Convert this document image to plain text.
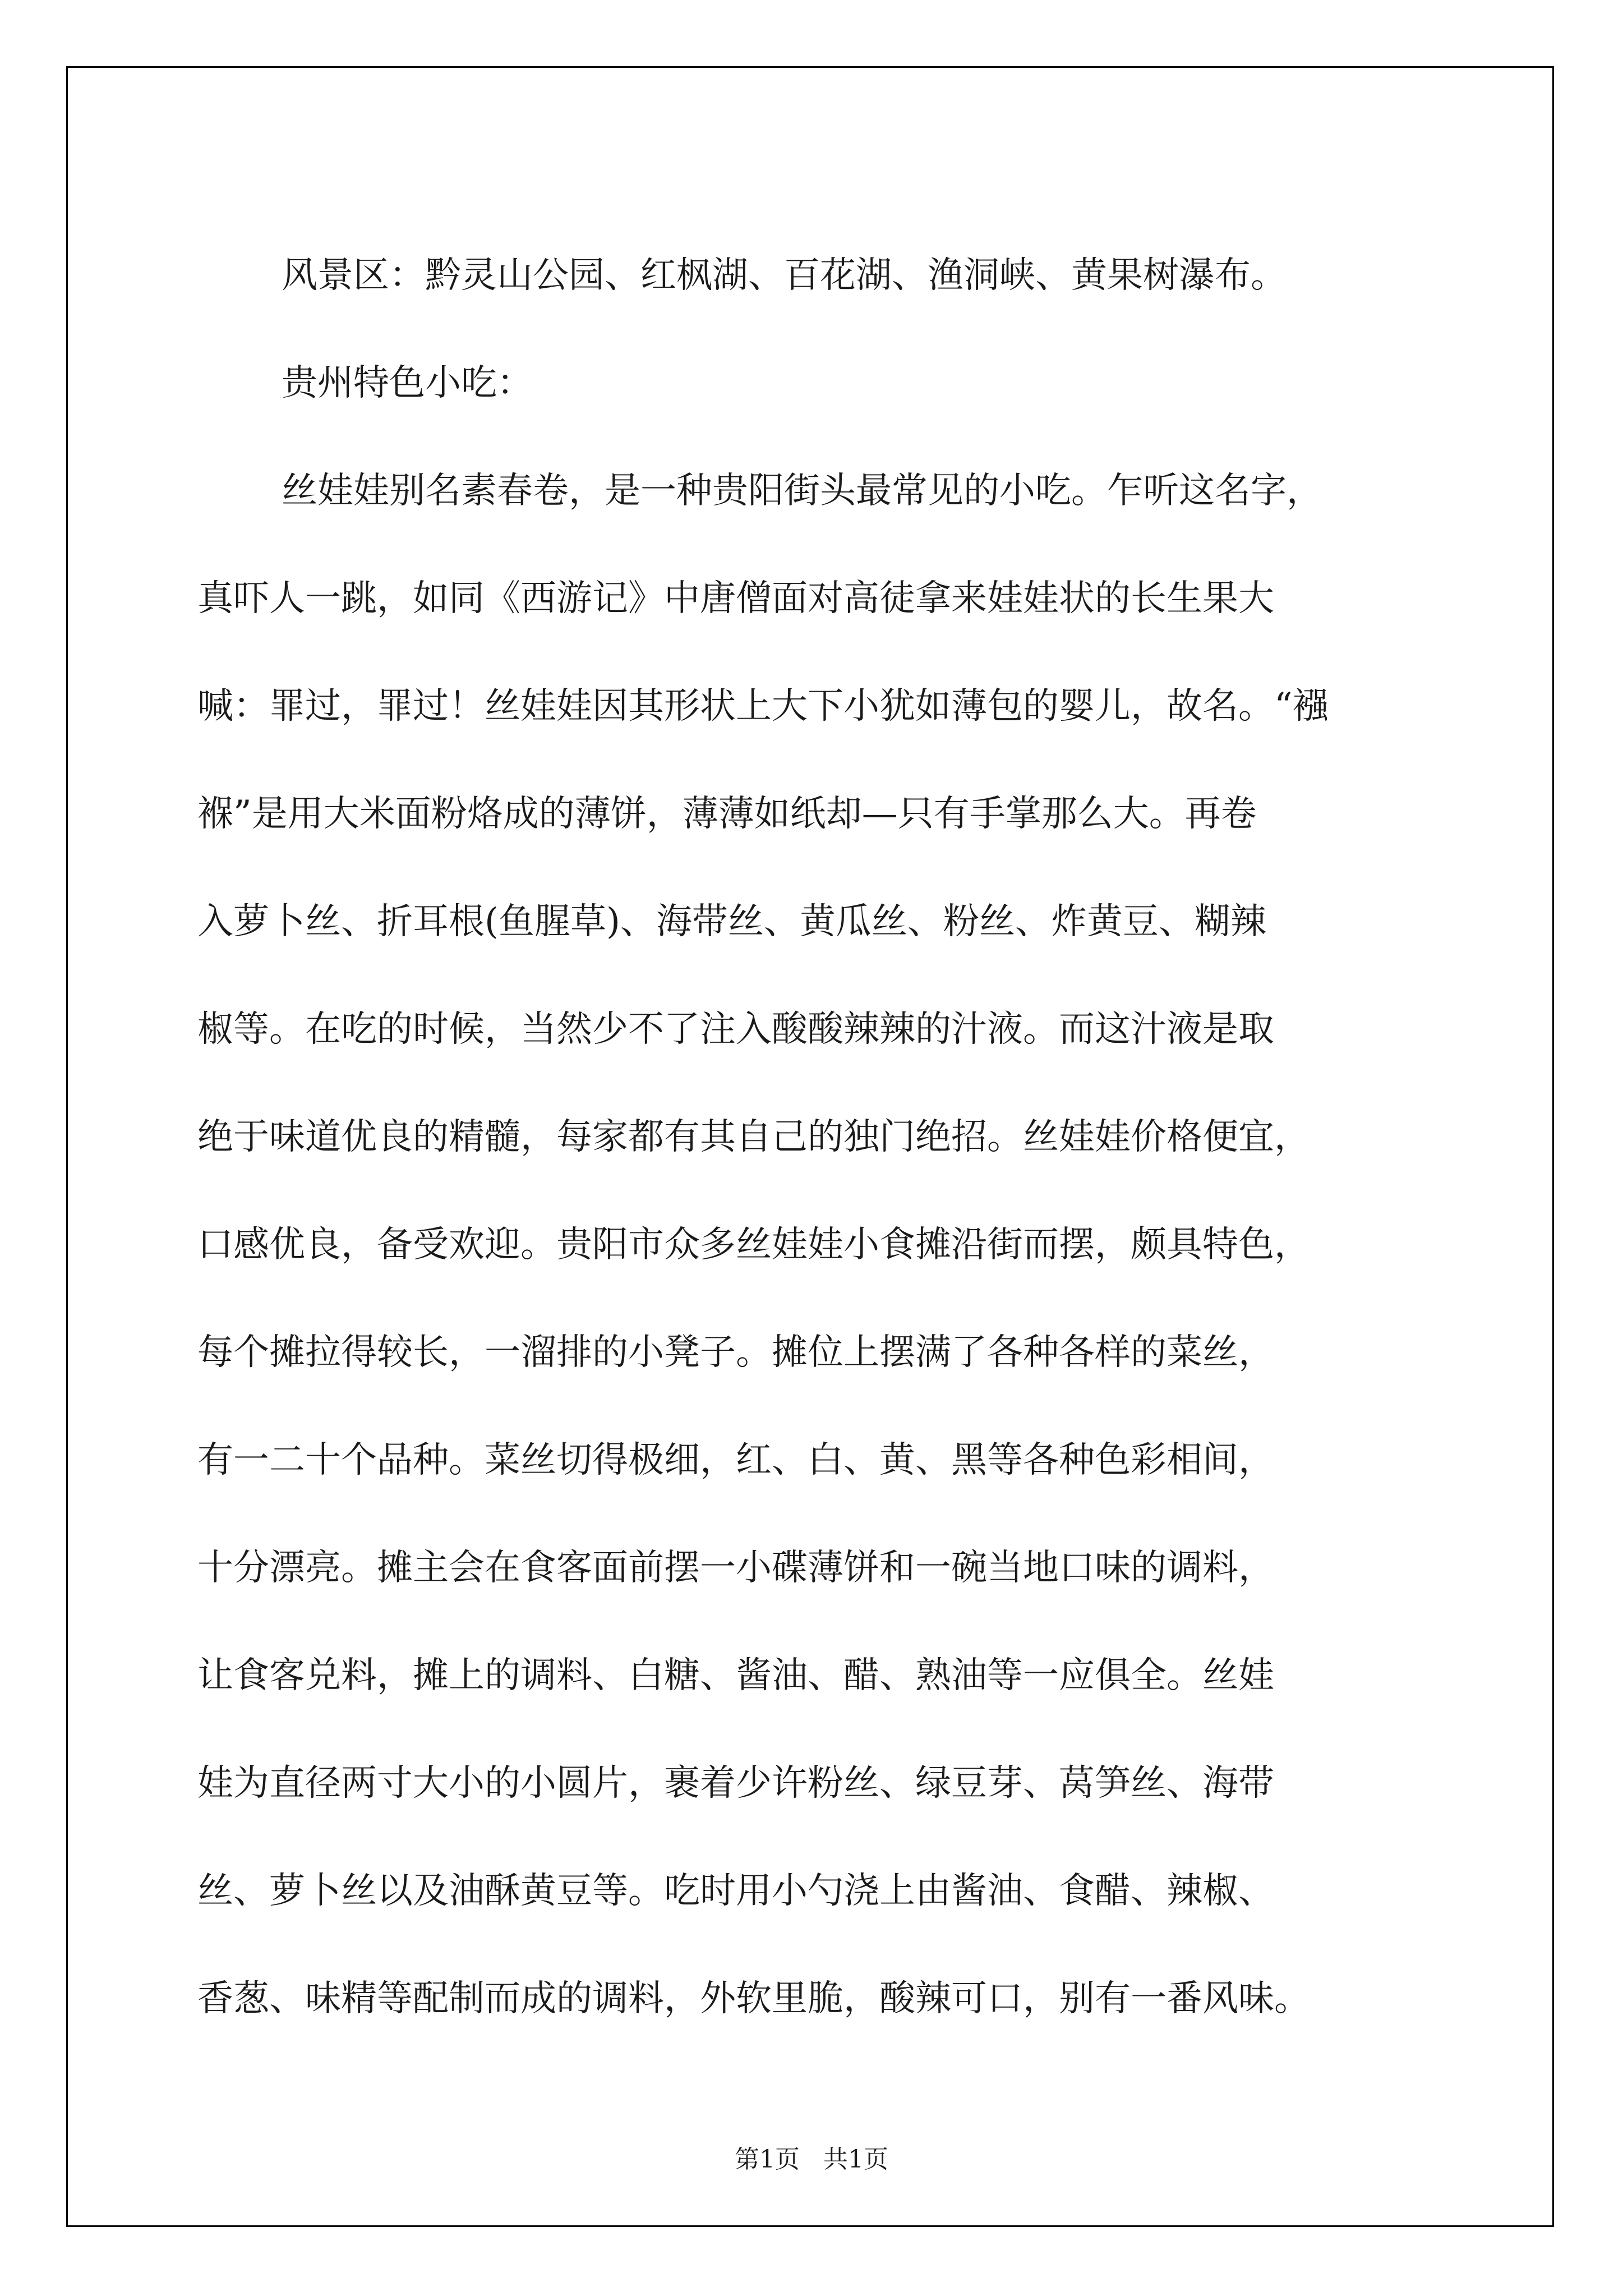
风景区：黔灵山公园、红枫湖、百花湖、渔洞峡、黄果树瀑布。
贵州特色小吃：
丝娃娃别名素春卷，是一种贵阳街头最常见的小吃。乍听这名字，
真吓人一跳，如同《西游记》中唐僧面对高徒拿来娃娃状的长生果大
喊：罪过，罪过！丝娃娃因其形状上大下小犹如薄包的婴儿，故名。“襁
褓”是用大米面粉烙成的薄饼，薄薄如纸却—只有手掌那么大。再卷
入萝卜丝、折耳根(鱼腥草)、海带丝、黄瓜丝、粉丝、炸黄豆、糊辣
椒等。在吃的时候，当然少不了注入酸酸辣辣的汁液。而这汁液是取
绝于味道优良的精髓，每家都有其自己的独门绝招。丝娃娃价格便宜，
口感优良，备受欢迎。贵阳市众多丝娃娃小食摊沿街而摆，颇具特色，
每个摊拉得较长，一溜排的小凳子。摊位上摆满了各种各样的菜丝，
有一二十个品种。菜丝切得极细，红、白、黄、黑等各种色彩相间，
十分漂亮。摊主会在食客面前摆一小碟薄饼和一碗当地口味的调料，
让食客兑料，摊上的调料、白糖、酱油、醋、熟油等一应俱全。丝娃
娃为直径两寸大小的小圆片，裹着少许粉丝、绿豆芽、莴笋丝、海带
丝、萝卜丝以及油酥黄豆等。吃时用小勺浇上由酱油、食醋、辣椒、
香葱、味精等配制而成的调料，外软里脆，酸辣可口，别有一番风味。
第1页   共1页
